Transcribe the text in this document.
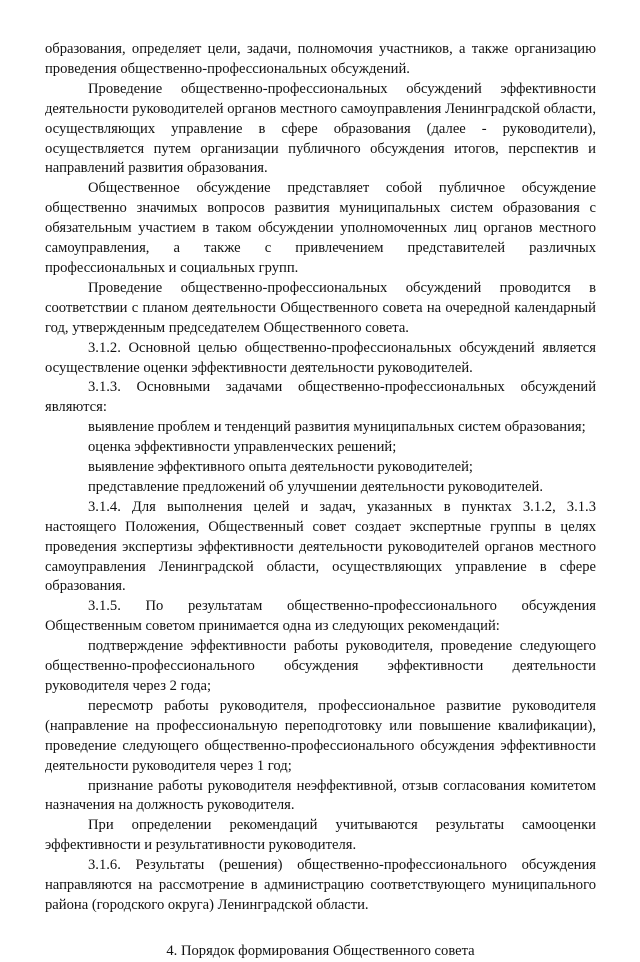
образования, определяет цели, задачи, полномочия участников, а также организацию проведения общественно-профессиональных обсуждений.

Проведение общественно-профессиональных обсуждений эффективности деятельности руководителей органов местного самоуправления Ленинградской области, осуществляющих управление в сфере образования (далее - руководители), осуществляется путем организации публичного обсуждения итогов, перспектив и направлений развития образования.

Общественное обсуждение представляет собой публичное обсуждение общественно значимых вопросов развития муниципальных систем образования с обязательным участием в таком обсуждении уполномоченных лиц органов местного самоуправления, а также с привлечением представителей различных профессиональных и социальных групп.

Проведение общественно-профессиональных обсуждений проводится в соответствии с планом деятельности Общественного совета на очередной календарный год, утвержденным председателем Общественного совета.

3.1.2. Основной целью общественно-профессиональных обсуждений является осуществление оценки эффективности деятельности руководителей.

3.1.3. Основными задачами общественно-профессиональных обсуждений являются:

выявление проблем и тенденций развития муниципальных систем образования;

оценка эффективности управленческих решений;

выявление эффективного опыта деятельности руководителей;

представление предложений об улучшении деятельности руководителей.

3.1.4. Для выполнения целей и задач, указанных в пунктах 3.1.2, 3.1.3 настоящего Положения, Общественный совет создает экспертные группы в целях проведения экспертизы эффективности деятельности руководителей органов местного самоуправления Ленинградской области, осуществляющих управление в сфере образования.

3.1.5. По результатам общественно-профессионального обсуждения Общественным советом принимается одна из следующих рекомендаций:

подтверждение эффективности работы руководителя, проведение следующего общественно-профессионального обсуждения эффективности деятельности руководителя через 2 года;

пересмотр работы руководителя, профессиональное развитие руководителя (направление на профессиональную переподготовку или повышение квалификации), проведение следующего общественно-профессионального обсуждения эффективности деятельности руководителя через 1 год;

признание работы руководителя неэффективной, отзыв согласования комитетом назначения на должность руководителя.

При определении рекомендаций учитываются результаты самооценки эффективности и результативности руководителя.

3.1.6. Результаты (решения) общественно-профессионального обсуждения направляются на рассмотрение в администрацию соответствующего муниципального района (городского округа) Ленинградской области.

4. Порядок формирования Общественного совета
